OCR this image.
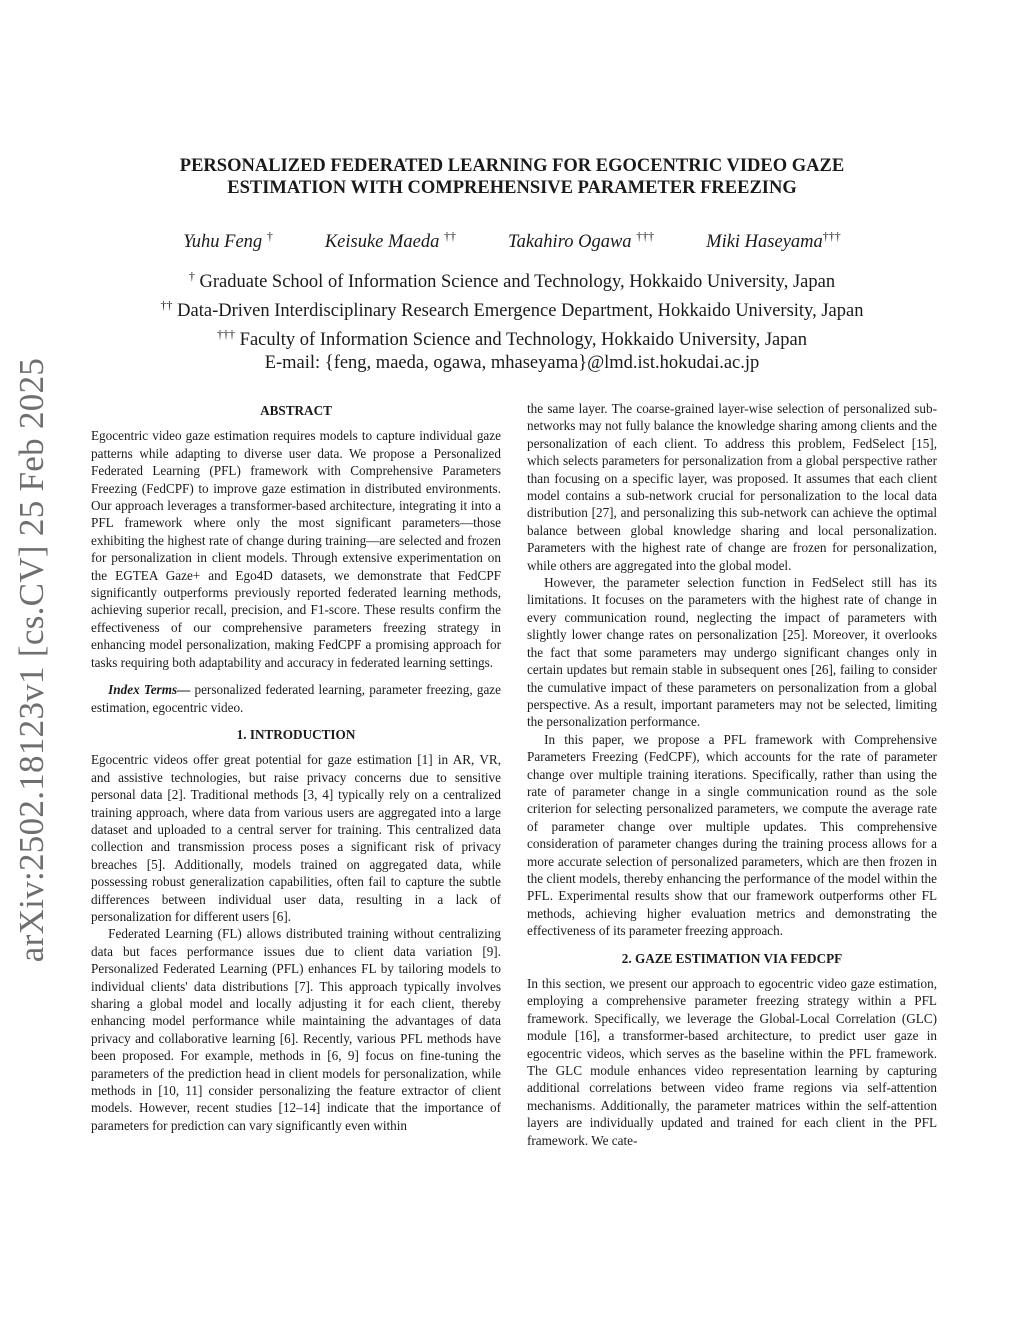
arXiv:2502.18123v1 [cs.CV] 25 Feb 2025
PERSONALIZED FEDERATED LEARNING FOR EGOCENTRIC VIDEO GAZE
ESTIMATION WITH COMPREHENSIVE PARAMETER FREEZING
Yuhu Feng †	Keisuke Maeda ††	Takahiro Ogawa †††	Miki Haseyama†††
† Graduate School of Information Science and Technology, Hokkaido University, Japan
†† Data-Driven Interdisciplinary Research Emergence Department, Hokkaido University, Japan
††† Faculty of Information Science and Technology, Hokkaido University, Japan
E-mail: {feng, maeda, ogawa, mhaseyama}@lmd.ist.hokudai.ac.jp
ABSTRACT

Egocentric video gaze estimation requires models to capture individual gaze patterns while adapting to diverse user data. We propose a Personalized Federated Learning (PFL) framework with Comprehensive Parameters Freezing (FedCPF) to improve gaze estimation in distributed environments. Our approach leverages a transformer-based architecture, integrating it into a PFL framework where only the most significant parameters—those exhibiting the highest rate of change during training—are selected and frozen for personalization in client models. Through extensive experimentation on the EGTEA Gaze+ and Ego4D datasets, we demonstrate that FedCPF significantly outperforms previously reported federated learning methods, achieving superior recall, precision, and F1-score. These results confirm the effectiveness of our comprehensive parameters freezing strategy in enhancing model personalization, making FedCPF a promising approach for tasks requiring both adaptability and accuracy in federated learning settings.

Index Terms— personalized federated learning, parameter freezing, gaze estimation, egocentric video.

1. INTRODUCTION

Egocentric videos offer great potential for gaze estimation [1] in AR, VR, and assistive technologies, but raise privacy concerns due to sensitive personal data [2]. Traditional methods [3, 4] typically rely on a centralized training approach, where data from various users are aggregated into a large dataset and uploaded to a central server for training. This centralized data collection and transmission process poses a significant risk of privacy breaches [5]. Additionally, models trained on aggregated data, while possessing robust generalization capabilities, often fail to capture the subtle differences between individual user data, resulting in a lack of personalization for different users [6].

Federated Learning (FL) allows distributed training without centralizing data but faces performance issues due to client data variation [9]. Personalized Federated Learning (PFL) enhances FL by tailoring models to individual clients' data distributions [7]. This approach typically involves sharing a global model and locally adjusting it for each client, thereby enhancing model performance while maintaining the advantages of data privacy and collaborative learning [6]. Recently, various PFL methods have been proposed. For example, methods in [6, 9] focus on fine-tuning the parameters of the prediction head in client models for personalization, while methods in [10, 11] consider personalizing the feature extractor of client models. However, recent studies [12–14] indicate that the importance of parameters for prediction can vary significantly even within

the same layer. The coarse-grained layer-wise selection of personalized sub-networks may not fully balance the knowledge sharing among clients and the personalization of each client. To address this problem, FedSelect [15], which selects parameters for personalization from a global perspective rather than focusing on a specific layer, was proposed. It assumes that each client model contains a sub-network crucial for personalization to the local data distribution [27], and personalizing this sub-network can achieve the optimal balance between global knowledge sharing and local personalization. Parameters with the highest rate of change are frozen for personalization, while others are aggregated into the global model.

However, the parameter selection function in FedSelect still has its limitations. It focuses on the parameters with the highest rate of change in every communication round, neglecting the impact of parameters with slightly lower change rates on personalization [25]. Moreover, it overlooks the fact that some parameters may undergo significant changes only in certain updates but remain stable in subsequent ones [26], failing to consider the cumulative impact of these parameters on personalization from a global perspective. As a result, important parameters may not be selected, limiting the personalization performance.

In this paper, we propose a PFL framework with Comprehensive Parameters Freezing (FedCPF), which accounts for the rate of parameter change over multiple training iterations. Specifically, rather than using the rate of parameter change in a single communication round as the sole criterion for selecting personalized parameters, we compute the average rate of parameter change over multiple updates. This comprehensive consideration of parameter changes during the training process allows for a more accurate selection of personalized parameters, which are then frozen in the client models, thereby enhancing the performance of the model within the PFL. Experimental results show that our framework outperforms other FL methods, achieving higher evaluation metrics and demonstrating the effectiveness of its parameter freezing approach.

2. GAZE ESTIMATION VIA FEDCPF

In this section, we present our approach to egocentric video gaze estimation, employing a comprehensive parameter freezing strategy within a PFL framework. Specifically, we leverage the Global-Local Correlation (GLC) module [16], a transformer-based architecture, to predict user gaze in egocentric videos, which serves as the baseline within the PFL framework. The GLC module enhances video representation learning by capturing additional correlations between video frame regions via self-attention mechanisms. Additionally, the parameter matrices within the self-attention layers are individually updated and trained for each client in the PFL framework. We cate-
